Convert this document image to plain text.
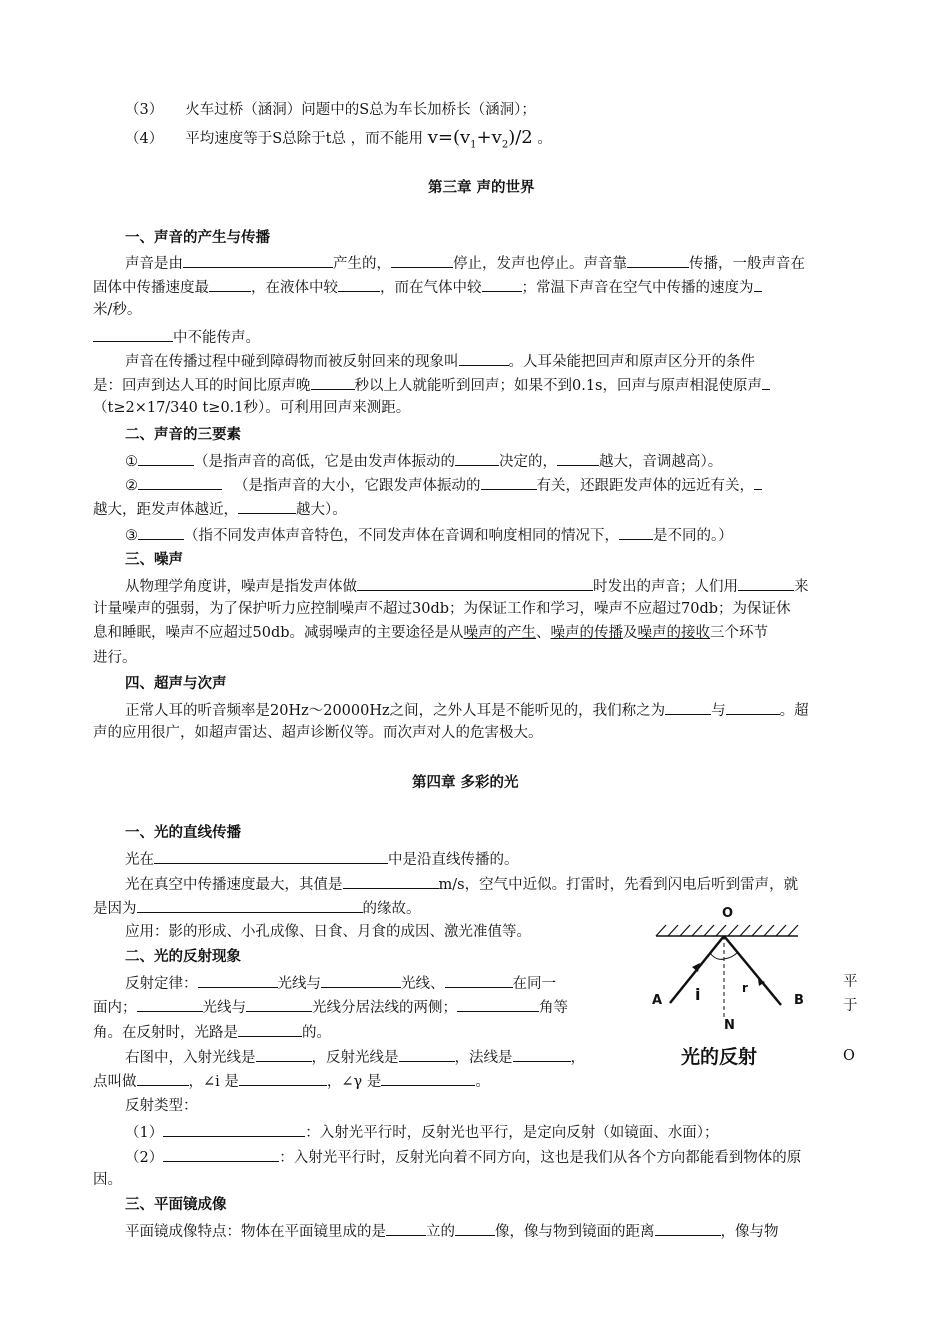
（3） 火车过桥（涵洞）问题中的S总为车长加桥长（涵洞）；
（4） 平均速度等于S总除于t总 ，而不能用 $v=(v_1+v_2)/2$ 。
第三章 声的世界
一、声音的产生与传播
声音是由	产生的，	停止，发声也停止。声音靠	传播，一般声音在
固体中传播速度最	，在液体中较	，而在气体中较	；常温下声音在空气中传播的速度为
米/秒。
中不能传声。
声音在传播过程中碰到障碍物而被反射回来的现象叫	。人耳朵能把回声和原声区分开的条件
是：回声到达人耳的时间比原声晚	秒以上人就能听到回声；如果不到0.1s，回声与原声相混使原声
（t≥2×17/340 t≥0.1秒）。可利用回声来测距。
二、声音的三要素
①	（是指声音的高低，它是由发声体振动的	决定的，	越大，音调越高）。
②	（是指声音的大小，它跟发声体振动的	有关，还跟距发声体的远近有关，
越大，距发声体越近，	越大）。
③	（指不同发声体声音特色，不同发声体在音调和响度相同的情况下， 是不同的。）
三、噪声
从物理学角度讲，噪声是指发声体做	时发出的声音；人们用	来
计量噪声的强弱，为了保护听力应控制噪声不超过30db；为保证工作和学习，噪声不应超过70db；为保证休
息和睡眠，噪声不应超过50db。减弱噪声的主要途径是从噪声的产生、噪声的传播及噪声的接收三个环节
进行。
四、超声与次声
正常人耳的听音频率是20Hz～20000Hz之间，之外人耳是不能听见的，我们称之为	与	。超
声的应用很广，如超声雷达、超声诊断仪等。而次声对人的危害极大。
第四章 多彩的光
一、光的直线传播
光在	中是沿直线传播的。
光在真空中传播速度最大，其值是	m/s，空气中近似。打雷时，先看到闪电后听到雷声，就
是因为	的缘故。
应用：影的形成、小孔成像、日食、月食的成因、激光准值等。
二、光的反射现象
反射定律：	光线与	光线、	在同一	平
面内；	光线与	光线分居法线的两侧；	角等	于
角。在反射时，光路是	的。
右图中，入射光线是	，反射光线是	，法线是	，	O
点叫做	，∠i 是	，∠γ 是	。
反射类型：
（1）	：入射光平行时，反射光也平行，是定向反射（如镜面、水面）；
（2）	：入射光平行时，反射光向着不同方向，这也是我们从各个方向都能看到物体的原
因。
三、平面镜成像
平面镜成像特点：物体在平面镜里成的是	立的	像，像与物到镜面的距离	，像与物
O
A	B
N
i	r
光的反射
